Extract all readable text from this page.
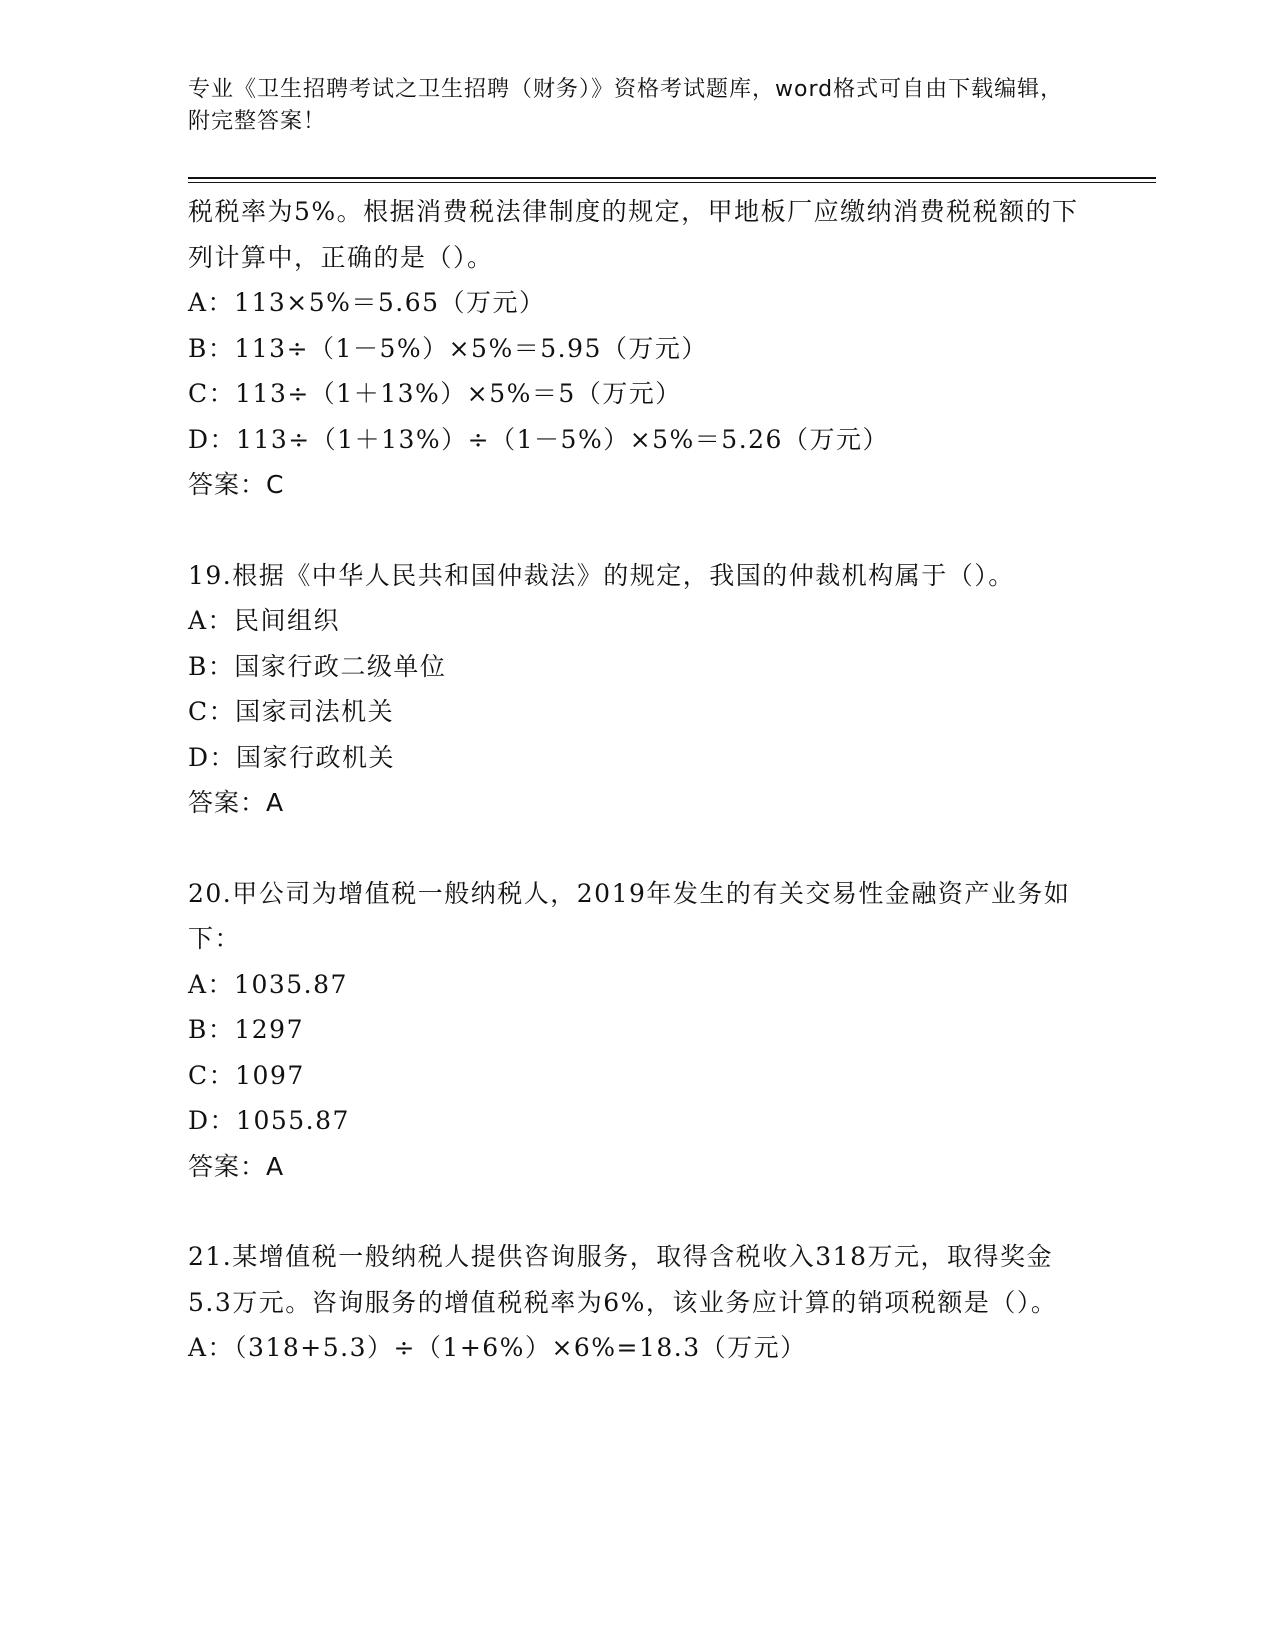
专业《卫生招聘考试之卫生招聘（财务）》资格考试题库，word格式可自由下载编辑，附完整答案！

税税率为5%。根据消费税法律制度的规定，甲地板厂应缴纳消费税税额的下列计算中，正确的是（）。

A：113×5%＝5.65（万元）

B：113÷（1－5%）×5%＝5.95（万元）

C：113÷（1＋13%）×5%＝5（万元）

D：113÷（1＋13%）÷（1－5%）×5%＝5.26（万元）

答案：C

19.根据《中华人民共和国仲裁法》的规定，我国的仲裁机构属于（）。

A：民间组织

B：国家行政二级单位

C：国家司法机关

D：国家行政机关

答案：A

20.甲公司为增值税一般纳税人，2019年发生的有关交易性金融资产业务如下：

A：1035.87

B：1297

C：1097

D：1055.87

答案：A

21.某增值税一般纳税人提供咨询服务，取得含税收入318万元，取得奖金5.3万元。咨询服务的增值税税率为6%，该业务应计算的销项税额是（）。

A：（318+5.3）÷（1+6%）×6%=18.3（万元）
